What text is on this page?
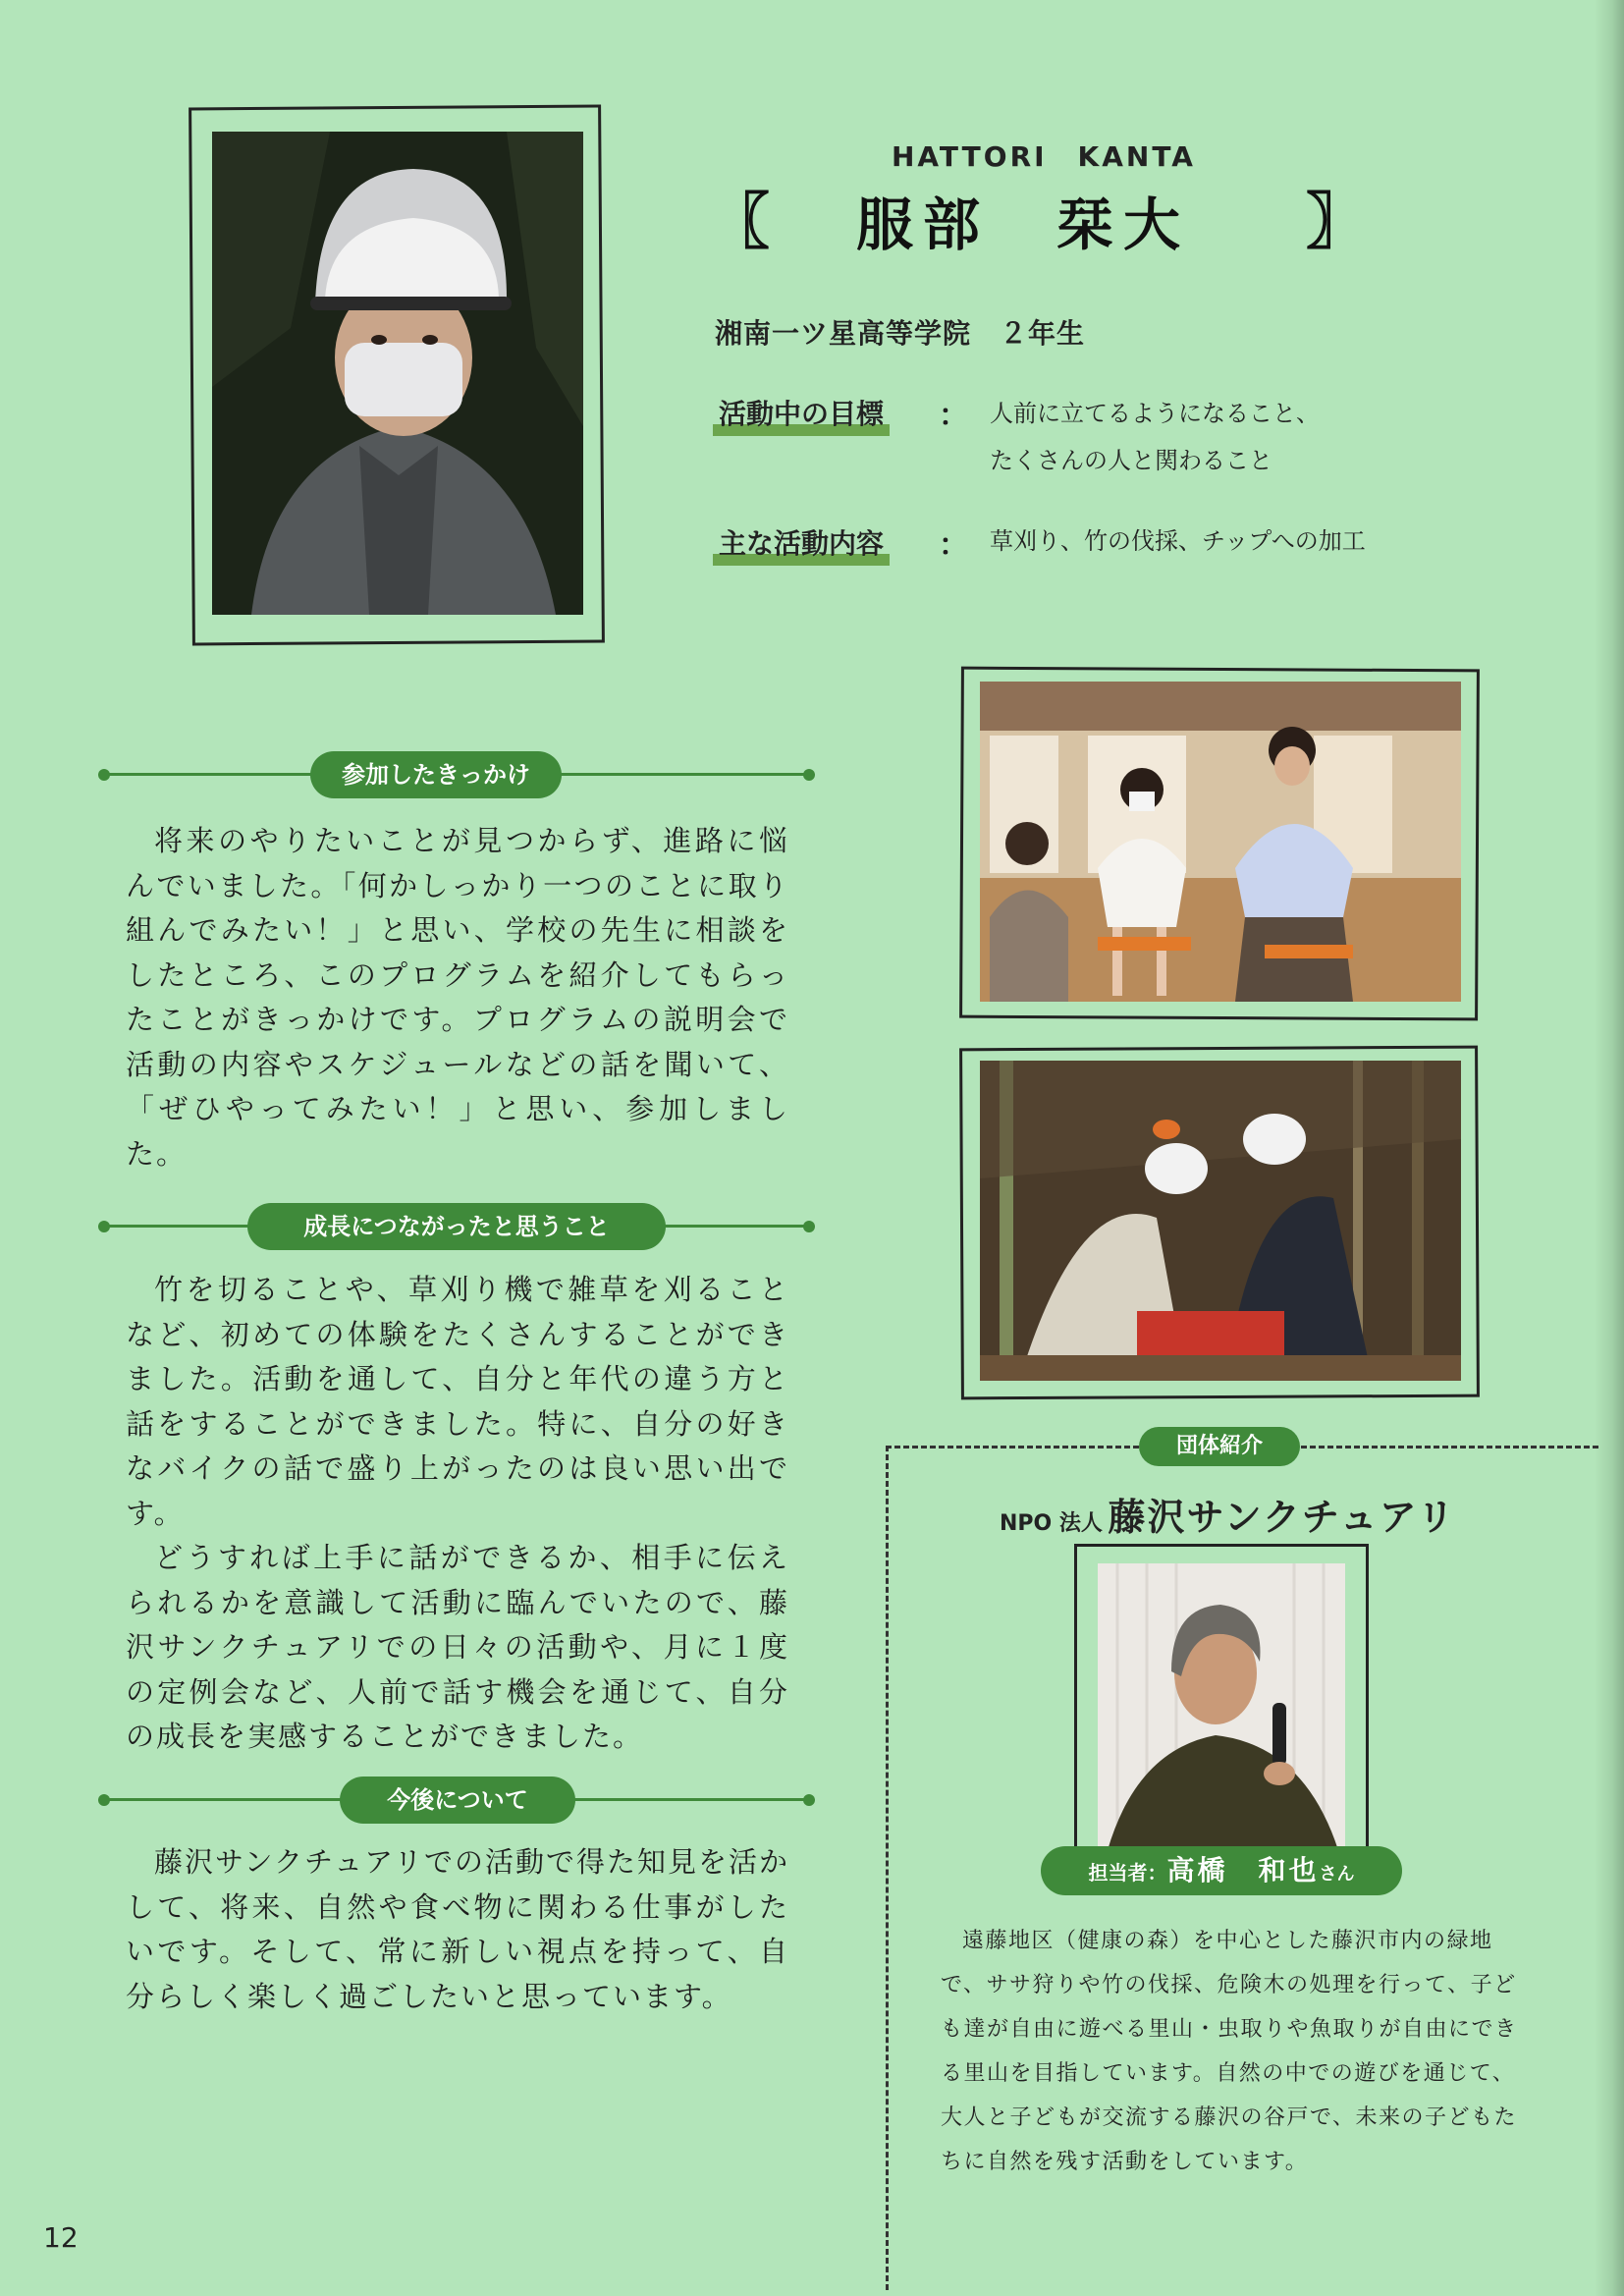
HATTORI　KANTA
〖 服部　栞大 〗
湘南一ツ星高等学院　２年生
活動中の目標 ： 人前に立てるようになること、
たくさんの人と関わること
主な活動内容 ： 草刈り、竹の伐採、チップへの加工
参加したきっかけ

将来のやりたいことが見つからず、進路に悩んでいました。「何かしっかり一つのことに取り組んでみたい！」と思い、学校の先生に相談をしたところ、このプログラムを紹介してもらったことがきっかけです。プログラムの説明会で活動の内容やスケジュールなどの話を聞いて、「ぜひやってみたい！」と思い、参加しました。

成長につながったと思うこと

竹を切ることや、草刈り機で雑草を刈ることなど、初めての体験をたくさんすることができました。活動を通して、自分と年代の違う方と話をすることができました。特に、自分の好きなバイクの話で盛り上がったのは良い思い出です。

どうすれば上手に話ができるか、相手に伝えられるかを意識して活動に臨んでいたので、藤沢サンクチュアリでの日々の活動や、月に１度の定例会など、人前で話す機会を通じて、自分の成長を実感することができました。

今後について

藤沢サンクチュアリでの活動で得た知見を活かして、将来、自然や食べ物に関わる仕事がしたいです。そして、常に新しい視点を持って、自分らしく楽しく過ごしたいと思っています。

団体紹介
NPO 法人 藤沢サンクチュアリ
担当者：高橋　和也さん
遠藤地区（健康の森）を中心とした藤沢市内の緑地で、ササ狩りや竹の伐採、危険木の処理を行って、子ども達が自由に遊べる里山・虫取りや魚取りが自由にできる里山を目指しています。自然の中での遊びを通じて、大人と子どもが交流する藤沢の谷戸で、未来の子どもたちに自然を残す活動をしています。
12
